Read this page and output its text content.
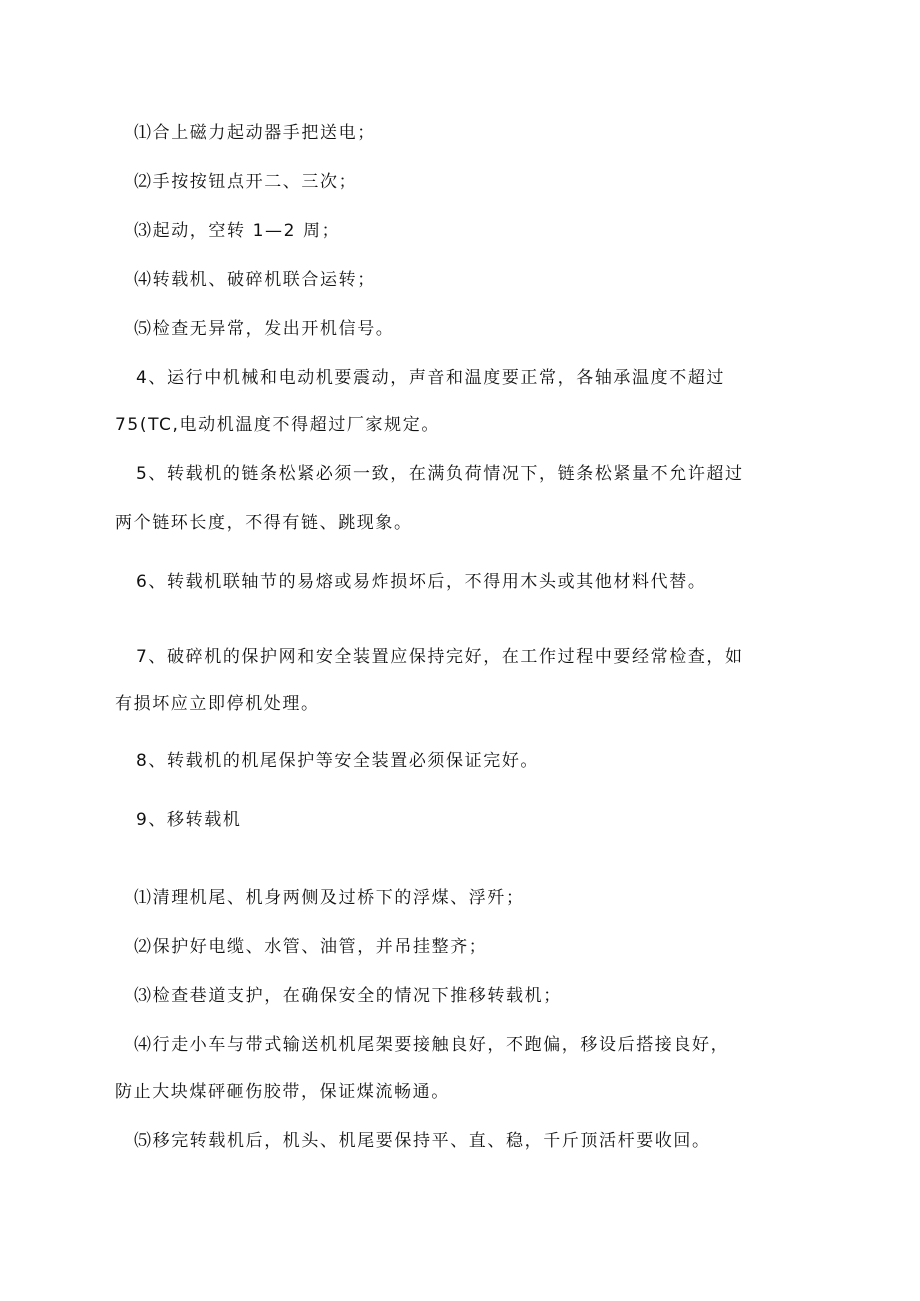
⑴合上磁力起动器手把送电；
⑵手按按钮点开二、三次；
⑶起动，空转 1—2 周；
⑷转载机、破碎机联合运转；
⑸检查无异常，发出开机信号。
4、运行中机械和电动机要震动，声音和温度要正常，各轴承温度不超过
75(TC,电动机温度不得超过厂家规定。
5、转载机的链条松紧必须一致，在满负荷情况下，链条松紧量不允许超过
两个链环长度，不得有链、跳现象。
6、转载机联轴节的易熔或易炸损坏后，不得用木头或其他材料代替。
7、破碎机的保护网和安全装置应保持完好，在工作过程中要经常检查，如
有损坏应立即停机处理。
8、转载机的机尾保护等安全装置必须保证完好。
9、移转载机
⑴清理机尾、机身两侧及过桥下的浮煤、浮歼；
⑵保护好电缆、水管、油管，并吊挂整齐；
⑶检查巷道支护，在确保安全的情况下推移转载机；
⑷行走小车与带式输送机机尾架要接触良好，不跑偏，移设后搭接良好，
防止大块煤砰砸伤胶带，保证煤流畅通。
⑸移完转载机后，机头、机尾要保持平、直、稳，千斤顶活杆要收回。
